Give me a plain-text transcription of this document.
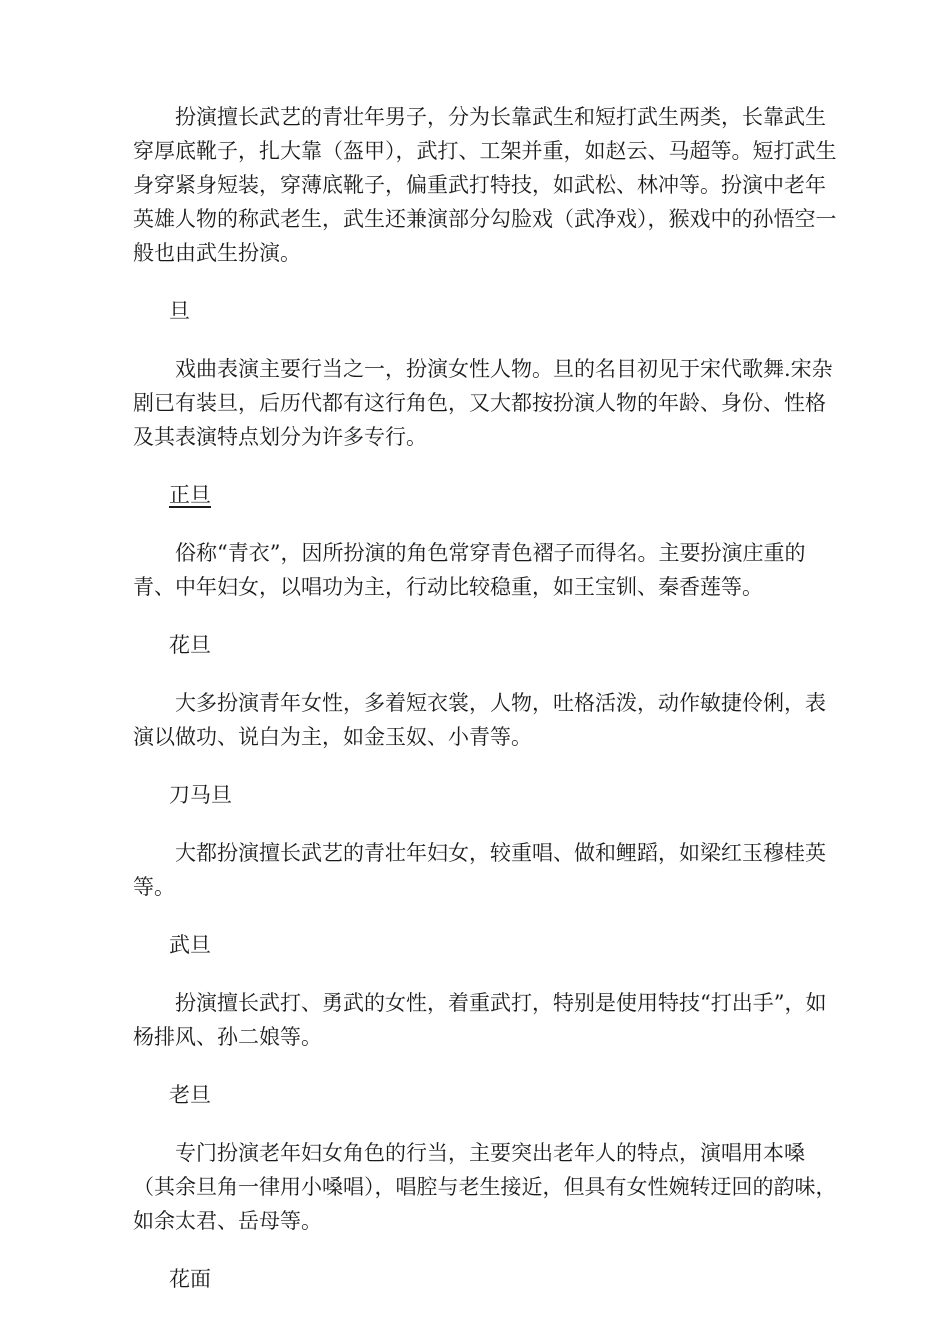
扮演擅长武艺的青壮年男子，分为长靠武生和短打武生两类，长靠武生穿厚底靴子，扎大靠（盔甲），武打、工架并重，如赵云、马超等。短打武生身穿紧身短装，穿薄底靴子，偏重武打特技，如武松、林冲等。扮演中老年英雄人物的称武老生，武生还兼演部分勾脸戏（武净戏），猴戏中的孙悟空一般也由武生扮演。

旦

戏曲表演主要行当之一，扮演女性人物。旦的名目初见于宋代歌舞.宋杂剧已有装旦，后历代都有这行角色，又大都按扮演人物的年龄、身份、性格及其表演特点划分为许多专行。

正旦

俗称“青衣”，因所扮演的角色常穿青色褶子而得名。主要扮演庄重的青、中年妇女，以唱功为主，行动比较稳重，如王宝钏、秦香莲等。

花旦

大多扮演青年女性，多着短衣裳，人物，吐格活泼，动作敏捷伶俐，表演以做功、说白为主，如金玉奴、小青等。

刀马旦

大都扮演擅长武艺的青壮年妇女，较重唱、做和鲤蹈，如梁红玉穆桂英等。

武旦

扮演擅长武打、勇武的女性，着重武打，特别是使用特技“打出手”，如杨排风、孙二娘等。

老旦

专门扮演老年妇女角色的行当，主要突出老年人的特点，演唱用本嗓（其余旦角一律用小嗓唱），唱腔与老生接近，但具有女性婉转迂回的韵味，如余太君、岳母等。

花面
